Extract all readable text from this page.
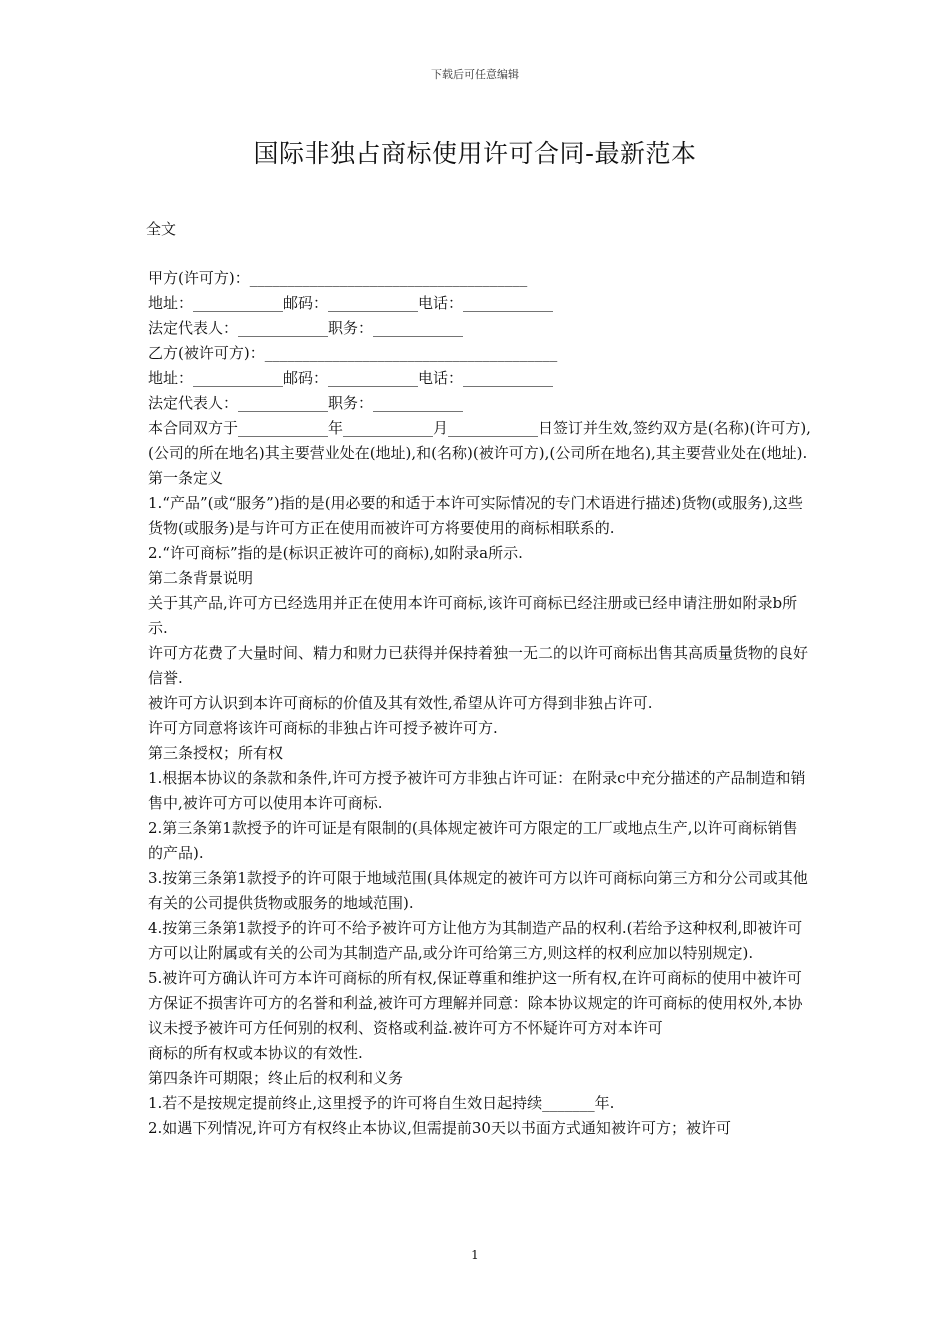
下载后可任意编辑
国际非独占商标使用许可合同-最新范本
全文

甲方(许可方)：_____________________________________

地址：____________邮码：____________电话：____________

法定代表人：____________职务：____________

乙方(被许可方)：_______________________________________

地址：____________邮码：____________电话：____________

法定代表人：____________职务：____________

本合同双方于____________年____________月____________日签订并生效,签约双方是(名称)(许可方),(公司的所在地名)其主要营业处在(地址),和(名称)(被许可方),(公司所在地名),其主要营业处在(地址).

第一条定义

1.“产品”(或“服务”)指的是(用必要的和适于本许可实际情况的专门术语进行描述)货物(或服务),这些货物(或服务)是与许可方正在使用而被许可方将要使用的商标相联系的.

2.“许可商标”指的是(标识正被许可的商标),如附录a所示.

第二条背景说明

关于其产品,许可方已经选用并正在使用本许可商标,该许可商标已经注册或已经申请注册如附录b所示.

许可方花费了大量时间、精力和财力已获得并保持着独一无二的以许可商标出售其高质量货物的良好信誉.

被许可方认识到本许可商标的价值及其有效性,希望从许可方得到非独占许可.

许可方同意将该许可商标的非独占许可授予被许可方.

第三条授权；所有权

1.根据本协议的条款和条件,许可方授予被许可方非独占许可证：在附录c中充分描述的产品制造和销售中,被许可方可以使用本许可商标.

2.第三条第1款授予的许可证是有限制的(具体规定被许可方限定的工厂或地点生产,以许可商标销售的产品).

3.按第三条第1款授予的许可限于地域范围(具体规定的被许可方以许可商标向第三方和分公司或其他有关的公司提供货物或服务的地域范围).

4.按第三条第1款授予的许可不给予被许可方让他方为其制造产品的权利.(若给予这种权利,即被许可方可以让附属或有关的公司为其制造产品,或分许可给第三方,则这样的权利应加以特别规定).

5.被许可方确认许可方本许可商标的所有权,保证尊重和维护这一所有权,在许可商标的使用中被许可方保证不损害许可方的名誉和利益,被许可方理解并同意：除本协议规定的许可商标的使用权外,本协议未授予被许可方任何别的权利、资格或利益.被许可方不怀疑许可方对本许可

商标的所有权或本协议的有效性.

第四条许可期限；终止后的权利和义务

1.若不是按规定提前终止,这里授予的许可将自生效日起持续_______年.

2.如遇下列情况,许可方有权终止本协议,但需提前30天以书面方式通知被许可方；被许可

1
